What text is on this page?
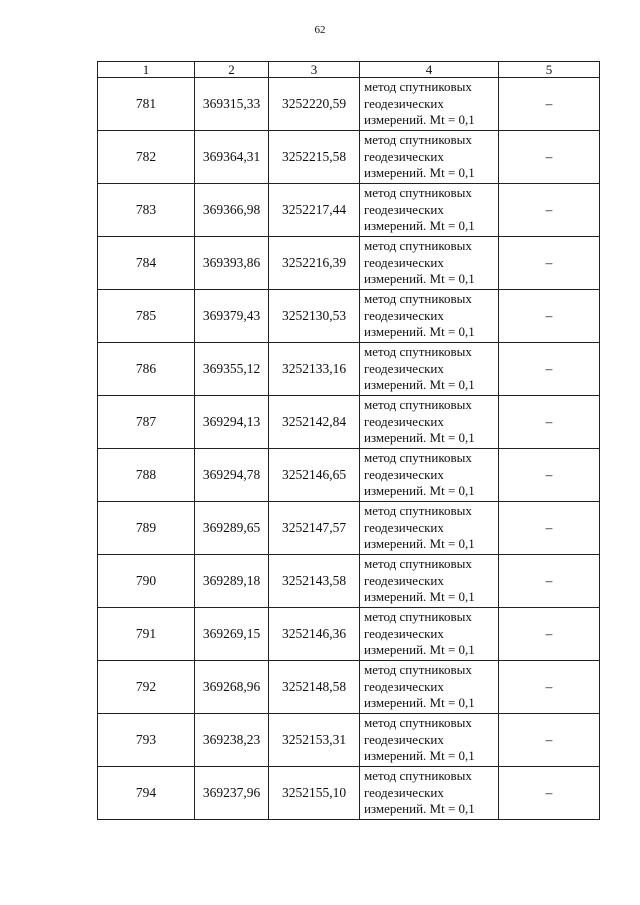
62
1	2	3	4	5
781	369315,33	3252220,59	метод спутниковых
геодезических
измерений. Mt = 0,1	–
782	369364,31	3252215,58	метод спутниковых
геодезических
измерений. Mt = 0,1	–
783	369366,98	3252217,44	метод спутниковых
геодезических
измерений. Mt = 0,1	–
784	369393,86	3252216,39	метод спутниковых
геодезических
измерений. Mt = 0,1	–
785	369379,43	3252130,53	метод спутниковых
геодезических
измерений. Mt = 0,1	–
786	369355,12	3252133,16	метод спутниковых
геодезических
измерений. Mt = 0,1	–
787	369294,13	3252142,84	метод спутниковых
геодезических
измерений. Mt = 0,1	–
788	369294,78	3252146,65	метод спутниковых
геодезических
измерений. Mt = 0,1	–
789	369289,65	3252147,57	метод спутниковых
геодезических
измерений. Mt = 0,1	–
790	369289,18	3252143,58	метод спутниковых
геодезических
измерений. Mt = 0,1	–
791	369269,15	3252146,36	метод спутниковых
геодезических
измерений. Mt = 0,1	–
792	369268,96	3252148,58	метод спутниковых
геодезических
измерений. Mt = 0,1	–
793	369238,23	3252153,31	метод спутниковых
геодезических
измерений. Mt = 0,1	–
794	369237,96	3252155,10	метод спутниковых
геодезических
измерений. Mt = 0,1	–
